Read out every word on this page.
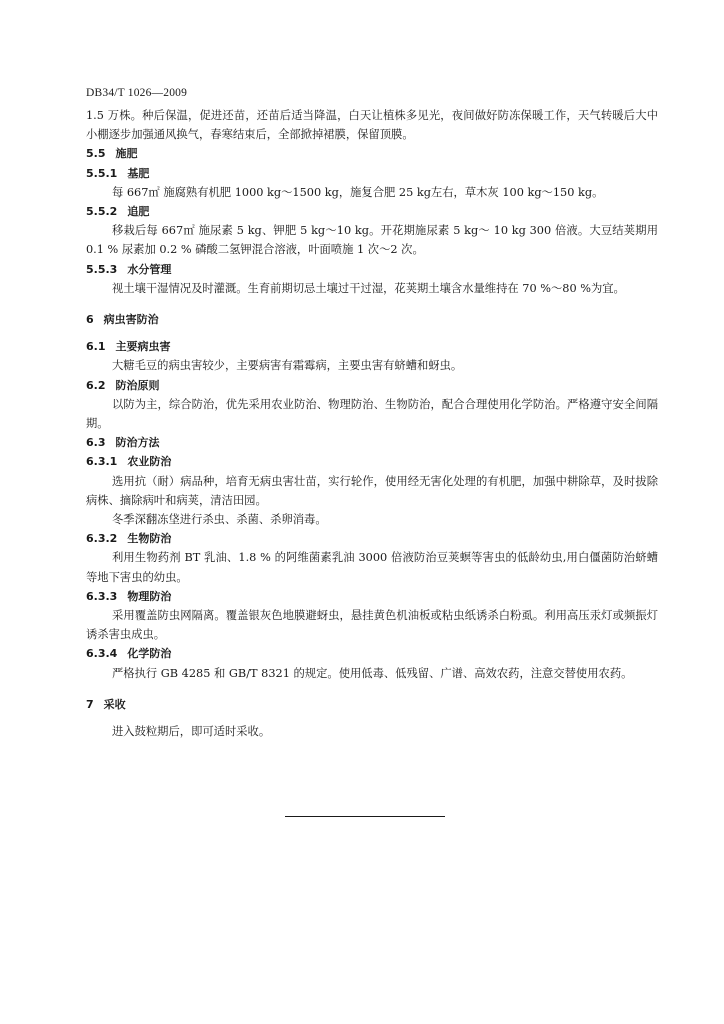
DB34/T 1026—2009

1.5 万株。种后保温，促进还苗，还苗后适当降温，白天让植株多见光，夜间做好防冻保暖工作，天气转暖后大中小棚逐步加强通风换气，春寒结束后，全部掀掉裙膜，保留顶膜。

5.5 施肥
5.5.1 基肥

每 667㎡ 施腐熟有机肥 1000 kg～1500 kg，施复合肥 25 kg左右，草木灰 100 kg～150 kg。

5.5.2 追肥

移栽后每 667㎡ 施尿素 5 kg、钾肥 5 kg～10 kg。开花期施尿素 5 kg～ 10 kg 300 倍液。大豆结荚期用 0.1 % 尿素加 0.2 % 磷酸二氢钾混合溶液，叶面喷施 1 次～2 次。

5.5.3 水分管理

视土壤干湿情况及时灌溉。生育前期切忌土壤过干过湿，花荚期土壤含水量维持在 70 %～80 %为宜。

6 病虫害防治
6.1 主要病虫害

大糖毛豆的病虫害较少，主要病害有霜霉病，主要虫害有蛴螬和蚜虫。

6.2 防治原则

以防为主，综合防治，优先采用农业防治、物理防治、生物防治，配合合理使用化学防治。严格遵守安全间隔期。

6.3 防治方法
6.3.1 农业防治

选用抗（耐）病品种，培育无病虫害壮苗，实行轮作，使用经无害化处理的有机肥，加强中耕除草，及时拔除病株、摘除病叶和病荚，清洁田园。

冬季深翻冻垡进行杀虫、杀菌、杀卵消毒。

6.3.2 生物防治

利用生物药剂 BT 乳油、1.8 % 的阿维菌素乳油 3000 倍液防治豆荚螟等害虫的低龄幼虫,用白僵菌防治蛴螬等地下害虫的幼虫。

6.3.3 物理防治

采用覆盖防虫网隔离。覆盖银灰色地膜避蚜虫，悬挂黄色机油板或粘虫纸诱杀白粉虱。利用高压汞灯或频振灯诱杀害虫成虫。

6.3.4 化学防治

严格执行 GB 4285 和 GB/T 8321 的规定。使用低毒、低残留、广谱、高效农药，注意交替使用农药。

7 采收

进入鼓粒期后，即可适时采收。
